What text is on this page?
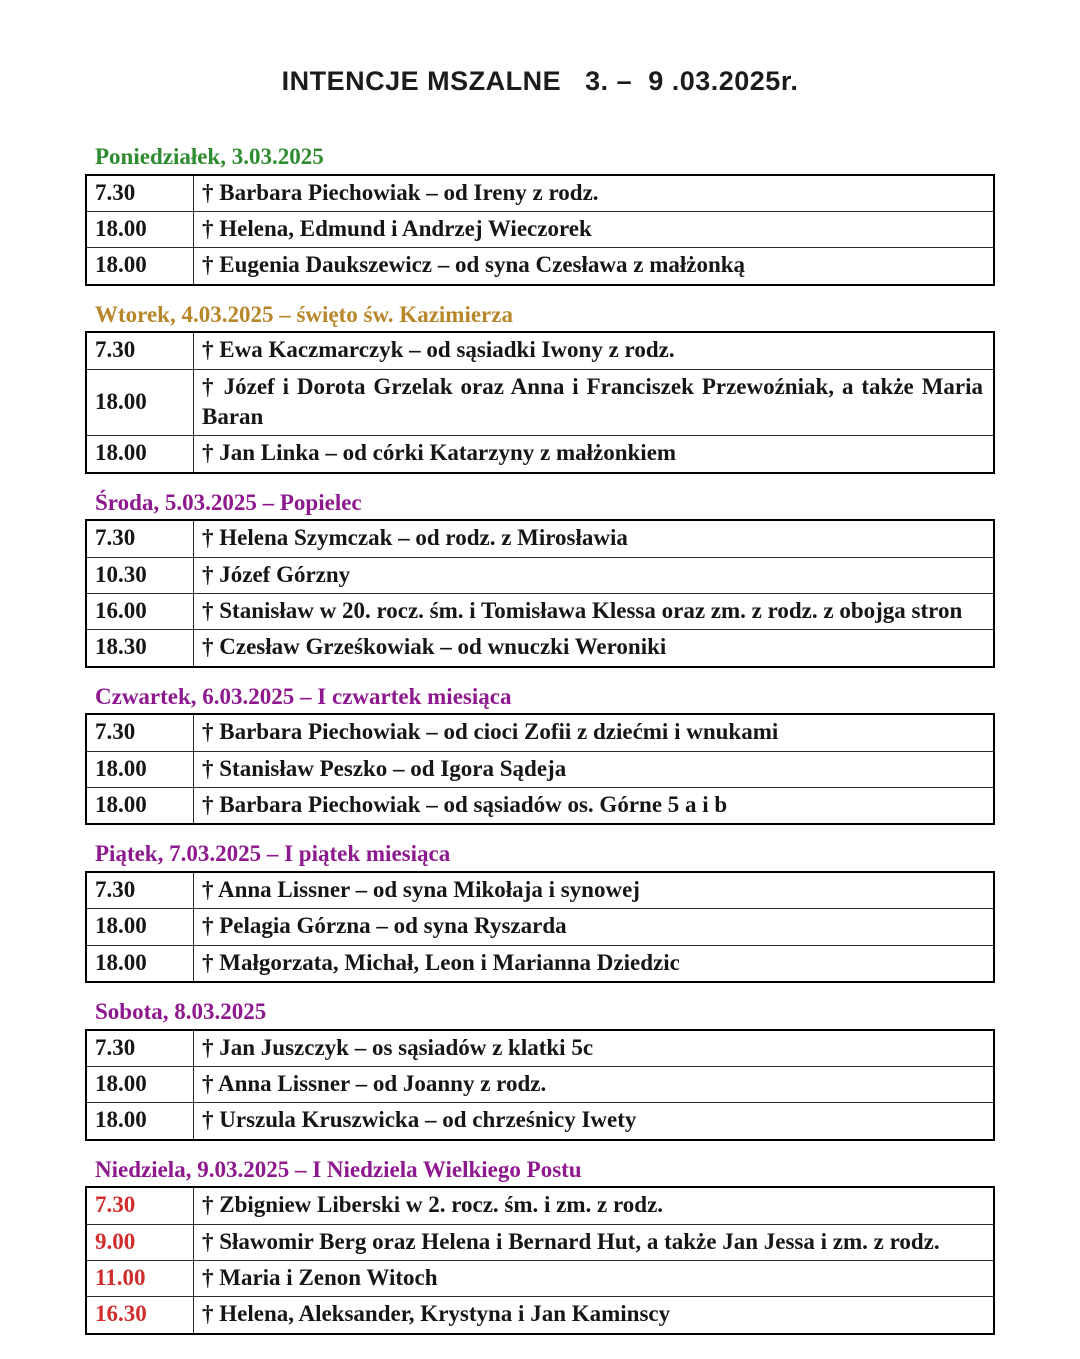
INTENCJE MSZALNE   3. –  9 .03.2025r.
Poniedziałek, 3.03.2025
7.30	† Barbara Piechowiak – od Ireny z rodz.
18.00	† Helena, Edmund i Andrzej Wieczorek
18.00	† Eugenia Daukszewicz – od syna Czesława z małżonką
Wtorek, 4.03.2025 – święto św. Kazimierza
7.30	† Ewa Kaczmarczyk – od sąsiadki Iwony z rodz.
18.00	† Józef i Dorota Grzelak oraz Anna i Franciszek Przewoźniak, a także Maria Baran
18.00	† Jan Linka – od córki Katarzyny z małżonkiem
Środa, 5.03.2025 – Popielec
7.30	† Helena Szymczak – od rodz. z Mirosławia
10.30	† Józef Górzny
16.00	† Stanisław w 20. rocz. śm. i Tomisława Klessa oraz zm. z rodz. z obojga stron
18.30	† Czesław Grześkowiak – od wnuczki Weroniki
Czwartek, 6.03.2025 – I czwartek miesiąca
7.30	† Barbara Piechowiak – od cioci Zofii z dziećmi i wnukami
18.00	† Stanisław Peszko – od Igora Sądeja
18.00	† Barbara Piechowiak – od sąsiadów os. Górne 5 a i b
Piątek, 7.03.2025 – I piątek miesiąca
7.30	† Anna Lissner – od syna Mikołaja i synowej
18.00	† Pelagia Górzna – od syna Ryszarda
18.00	† Małgorzata, Michał, Leon i Marianna Dziedzic
Sobota, 8.03.2025
7.30	† Jan Juszczyk – os sąsiadów z klatki 5c
18.00	† Anna Lissner – od Joanny z rodz.
18.00	† Urszula Kruszwicka – od chrześnicy Iwety
Niedziela, 9.03.2025 – I Niedziela Wielkiego Postu
7.30	† Zbigniew Liberski w 2. rocz. śm. i zm. z rodz.
9.00	† Sławomir Berg oraz Helena i Bernard Hut, a także Jan Jessa i zm. z rodz.
11.00	† Maria i Zenon Witoch
16.30	† Helena, Aleksander, Krystyna i Jan Kaminscy
